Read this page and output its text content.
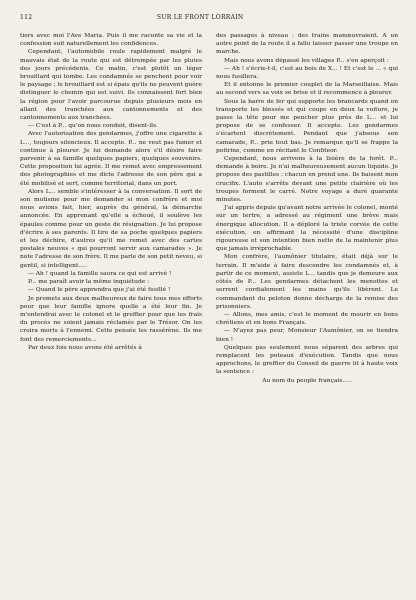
112	SUR LE FRONT LORRAIN

tiers avec moi l'Ave Maria. Puis il me raconte sa vie et la confession suit naturellement les confidences.

Cependant, l'automobile roule rapidement malgré le mauvais état de la route qui est détrempée par les pluies des jours précédents. Ce matin, c'est plutôt un léger brouillard qui tombe. Les condamnés se penchent pour voir le paysage ; le brouillard est si épais qu'ils ne peuvent guère distinguer le chemin qui est suivi. Ils connaissent fort bien la région pour l'avoir parcourue depuis plusieurs mois en allant des tranchées aux cantonnements et des cantonnements aux tranchées.

— C'est à P... qu'on nous conduit, disent-ils.

Avec l'autorisation des gendarmes, j'offre une cigarette à L..., toujours silencieux. Il accepte. P... ne veut pas fumer et continue à pleurer. Je lui demande alors s'il désire faire parvenir à sa famille quelques papiers, quelques souvenirs. Cette proposition lui agrée. Il me remet avec empressement des photographies et me dicte l'adresse de son père qui a été mobilisé et sert, comme territorial, dans un port.

Alors L... semble s'intéresser à la conversation. Il sort de son mutisme pour me demander si mon confrère et moi nous avions fait, hier, auprès du général, la démarche annoncée. En apprenant qu'elle a échoué, il soulève les épaules comme pour un geste de résignation. Je lui propose d'écrire à ses parents. Il tire de sa poche quelques papiers et les déchire, d'autres qu'il me remet avec des cartes postales neuves « qui pourront servir aux camarades ». Je note l'adresse de son frère. Il me parle de son petit neveu, si gentil, si intelligent.....

— Ah ! quand la famille saura ce qui est arrivé !

P... me paraît avoir la même inquiétude :

— Quand le père apprendra que j'ai été fusillé !

Je promets aux deux malheureux de faire tous mes efforts pour que leur famille ignore quelle a été leur fin. Je m'entendrai avec le colonel et le greffier pour que les frais du procès ne soient jamais réclamés par le Trésor. On les croira morts à l'ennemi. Cette pensée les rassérène. Ils me font des remerciements...

Par deux fois nous avons été arrêtés à

des passages à niveau : des trains manœuvraient. A un autre point de la route il a fallu laisser passer une troupe en marche.

Mais nous avons dépassé les villages P... s'en aperçoit :

— Ah ! s'écrie-t-il, c'est au bois de X... ! Et c'est le ... « qui nous fusillera.

Et il entonne le premier couplet de la Marseillaise. Mais au second vers sa voix se brise et il recommence à pleurer.

Sous la barre de fer qui supporte les brancards quand on transporte les blessés et qui coupe en deux la voiture, je passe la tête pour me pencher plus près de L... et lui propose de se confesser. Il accepte. Les gendarmes s'écartent discrètement. Pendant que j'absous son camarade, P... prie tout bas. Je remarque qu'il se frappe la poitrine, comme en récitant le Confiteor.

Cependant, nous arrivons à la lisière de la forêt. P... demande à boire. Je n'ai malheureusement aucun liquide. Je propose des pastilles : chacun en prend une. Ils baisent mon crucifix. L'auto s'arrête devant une petite clairière où les troupes forment le carré. Notre voyage a duré quarante minutes.

J'ai appris depuis qu'avant notre arrivée le colonel, monté sur un tertre, a adressé au régiment une brève mais énergique allocution. Il a déploré la triste corvée de cette exécution, en affirmant la nécessité d'une discipline rigoureuse et son intention bien nette de la maintenir plus que jamais irréprochable.

Mon confrère, l'aumônier titulaire, était déjà sur le terrain. Il m'aide à faire descendre les condamnés et, à partir de ce moment, assiste L... tandis que je demeure aux côtés de P... Les gendarmes détachent les menottes et serrent cordialement les mains qu'ils libèrent. Le commandant du peloton donne décharge de la remise des prisonniers.

— Allons, mes amis, c'est le moment de mourir en bons chrétiens et en bons Français.

— N'ayez pas peur, Monsieur l'Aumônier, on se tiendra bien !

Quelques pas seulement nous séparent des arbres qui remplacent les poteaux d'exécution. Tandis que nous approchons, le greffier du Conseil de guerre lit à haute voix la sentence :

Au nom du peuple français.....
